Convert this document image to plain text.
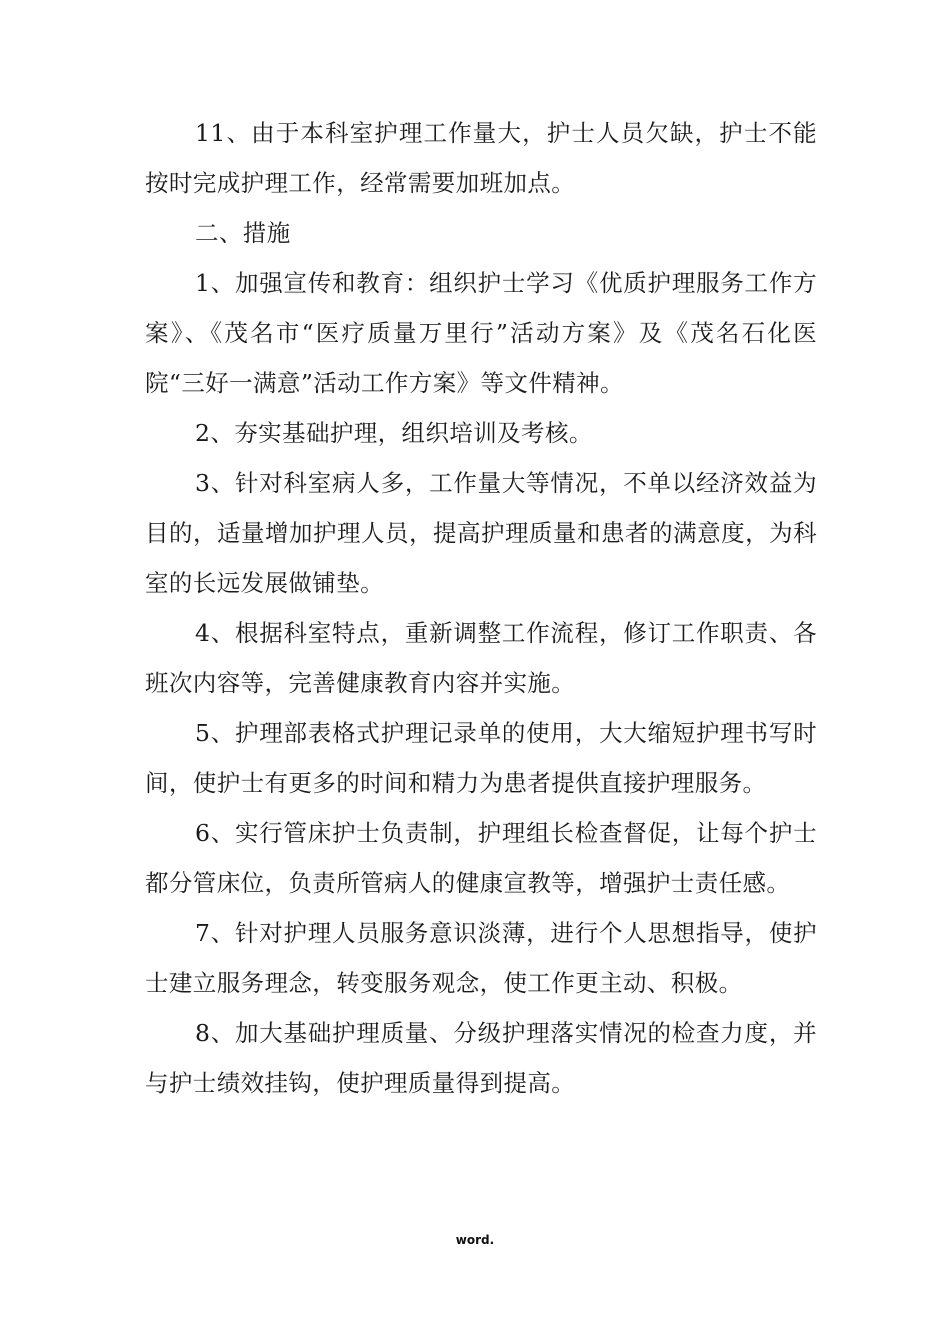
11、由于本科室护理工作量大，护士人员欠缺，护士不能按时完成护理工作，经常需要加班加点。

二、措施

1、加强宣传和教育：组织护士学习《优质护理服务工作方案》、《茂名市“医疗质量万里行”活动方案》及《茂名石化医院“三好一满意”活动工作方案》等文件精神。

2、夯实基础护理，组织培训及考核。

3、针对科室病人多，工作量大等情况，不单以经济效益为目的，适量增加护理人员，提高护理质量和患者的满意度，为科室的长远发展做铺垫。

4、根据科室特点，重新调整工作流程，修订工作职责、各班次内容等，完善健康教育内容并实施。

5、护理部表格式护理记录单的使用，大大缩短护理书写时间，使护士有更多的时间和精力为患者提供直接护理服务。

6、实行管床护士负责制，护理组长检查督促，让每个护士都分管床位，负责所管病人的健康宣教等，增强护士责任感。

7、针对护理人员服务意识淡薄，进行个人思想指导，使护士建立服务理念，转变服务观念，使工作更主动、积极。

8、加大基础护理质量、分级护理落实情况的检查力度，并与护士绩效挂钩，使护理质量得到提高。

word.
